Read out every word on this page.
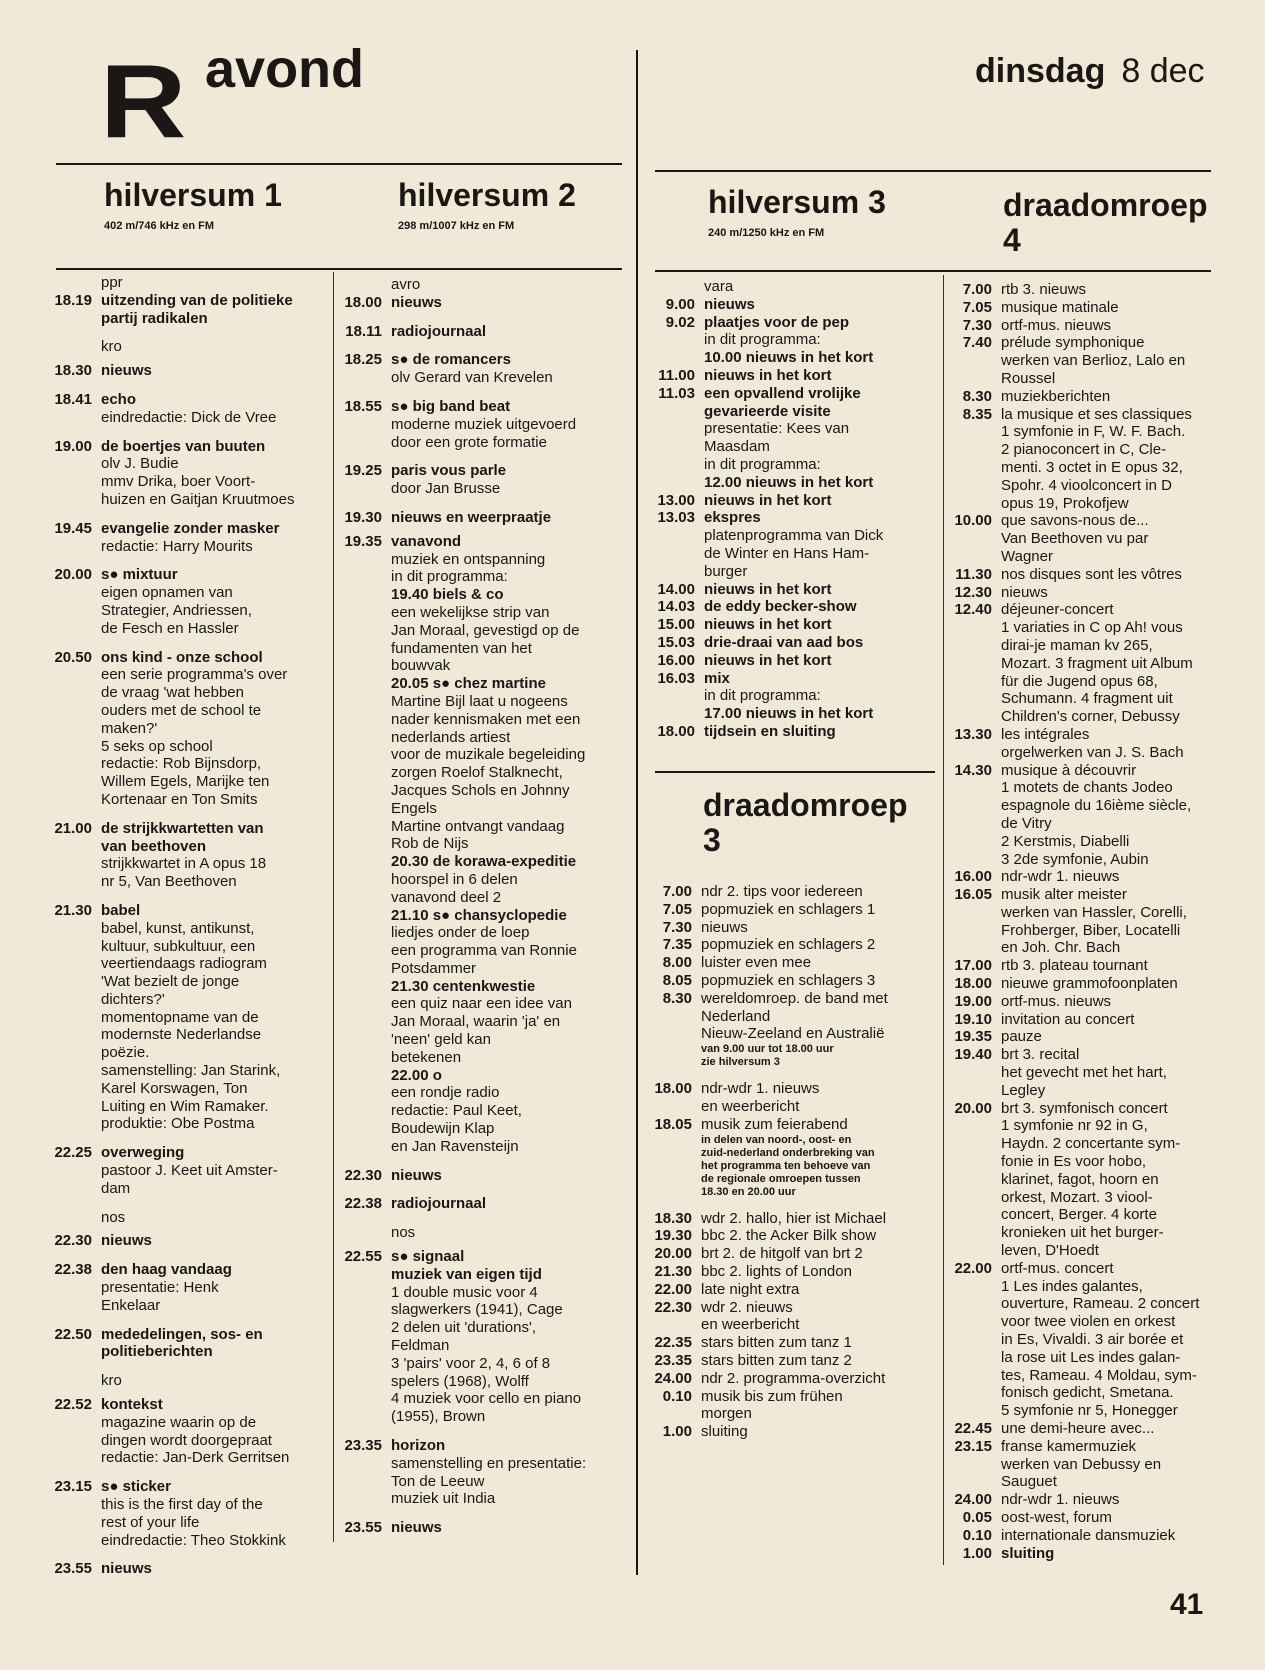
R avond	dinsdag 8 dec
hilversum 1
402 m/746 kHz en FM
hilversum 2
298 m/1007 kHz en FM
hilversum 3
240 m/1250 kHz en FM
draadomroep
4
draadomroep
3
ppr
18.19 uitzending van de politieke
partij radikalen
kro
18.30 nieuws
18.41 echo
eindredactie: Dick de Vree
19.00 de boertjes van buuten
olv J. Budie
mmv Drika, boer Voort-
huizen en Gaitjan Kruutmoes
19.45 evangelie zonder masker
redactie: Harry Mourits
20.00 s● mixtuur
eigen opnamen van
Strategier, Andriessen,
de Fesch en Hassler
20.50 ons kind - onze school
een serie programma's over
de vraag 'wat hebben
ouders met de school te
maken?'
5 seks op school
redactie: Rob Bijnsdorp,
Willem Egels, Marijke ten
Kortenaar en Ton Smits
21.00 de strijkkwartetten van
van beethoven
strijkkwartet in A opus 18
nr 5, Van Beethoven
21.30 babel
babel, kunst, antikunst,
kultuur, subkultuur, een
veertiendaags radiogram
'Wat bezielt de jonge
dichters?'
momentopname van de
modernste Nederlandse
poëzie.
samenstelling: Jan Starink,
Karel Korswagen, Ton
Luiting en Wim Ramaker.
produktie: Obe Postma
22.25 overweging
pastoor J. Keet uit Amster-
dam
nos
22.30 nieuws
22.38 den haag vandaag
presentatie: Henk
Enkelaar
22.50 mededelingen, sos- en
politieberichten
kro
22.52 kontekst
magazine waarin op de
dingen wordt doorgepraat
redactie: Jan-Derk Gerritsen
23.15 s● sticker
this is the first day of the
rest of your life
eindredactie: Theo Stokkink
23.55 nieuws
avro
18.00 nieuws
18.11 radiojournaal
18.25 s● de romancers
olv Gerard van Krevelen
18.55 s● big band beat
moderne muziek uitgevoerd
door een grote formatie
19.25 paris vous parle
door Jan Brusse
19.30 nieuws en weerpraatje
19.35 vanavond
muziek en ontspanning
in dit programma:
19.40 biels & co
een wekelijkse strip van
Jan Moraal, gevestigd op de
fundamenten van het
bouwvak
20.05 s● chez martine
Martine Bijl laat u nogeens
nader kennismaken met een
nederlands artiest
voor de muzikale begeleiding
zorgen Roelof Stalknecht,
Jacques Schols en Johnny
Engels
Martine ontvangt vandaag
Rob de Nijs
20.30 de korawa-expeditie
hoorspel in 6 delen
vanavond deel 2
21.10 s● chansyclopedie
liedjes onder de loep
een programma van Ronnie
Potsdammer
21.30 centenkwestie
een quiz naar een idee van
Jan Moraal, waarin 'ja' en
'neen' geld kan
betekenen
22.00 o
een rondje radio
redactie: Paul Keet,
Boudewijn Klap
en Jan Ravensteijn
22.30 nieuws
22.38 radiojournaal
nos
22.55 s● signaal
muziek van eigen tijd
1 double music voor 4
slagwerkers (1941), Cage
2 delen uit 'durations',
Feldman
3 'pairs' voor 2, 4, 6 of 8
spelers (1968), Wolff
4 muziek voor cello en piano
(1955), Brown
23.35 horizon
samenstelling en presentatie:
Ton de Leeuw
muziek uit India
23.55 nieuws
vara
9.00 nieuws
9.02 plaatjes voor de pep
in dit programma:
10.00 nieuws in het kort
11.00 nieuws in het kort
11.03 een opvallend vrolijke
gevarieerde visite
presentatie: Kees van
Maasdam
in dit programma:
12.00 nieuws in het kort
13.00 nieuws in het kort
13.03 ekspres
platenprogramma van Dick
de Winter en Hans Ham-
burger
14.00 nieuws in het kort
14.03 de eddy becker-show
15.00 nieuws in het kort
15.03 drie-draai van aad bos
16.00 nieuws in het kort
16.03 mix
in dit programma:
17.00 nieuws in het kort
18.00 tijdsein en sluiting
7.00 rtb 3. nieuws
7.05 musique matinale
7.30 ortf-mus. nieuws
7.40 prélude symphonique
werken van Berlioz, Lalo en
Roussel
8.30 muziekberichten
8.35 la musique et ses classiques
1 symfonie in F, W. F. Bach.
2 pianoconcert in C, Cle-
menti. 3 octet in E opus 32,
Spohr. 4 vioolconcert in D
opus 19, Prokofjew
10.00 que savons-nous de...
Van Beethoven vu par
Wagner
11.30 nos disques sont les vôtres
12.30 nieuws
12.40 déjeuner-concert
1 variaties in C op Ah! vous
dirai-je maman kv 265,
Mozart. 3 fragment uit Album
für die Jugend opus 68,
Schumann. 4 fragment uit
Children's corner, Debussy
13.30 les intégrales
orgelwerken van J. S. Bach
14.30 musique à découvrir
1 motets de chants Jodeo
espagnole du 16ième siècle,
de Vitry
2 Kerstmis, Diabelli
3 2de symfonie, Aubin
16.00 ndr-wdr 1. nieuws
16.05 musik alter meister
werken van Hassler, Corelli,
Frohberger, Biber, Locatelli
en Joh. Chr. Bach
17.00 rtb 3. plateau tournant
18.00 nieuwe grammofoonplaten
19.00 ortf-mus. nieuws
19.10 invitation au concert
19.35 pauze
19.40 brt 3. recital
het gevecht met het hart,
Legley
20.00 brt 3. symfonisch concert
1 symfonie nr 92 in G,
Haydn. 2 concertante sym-
fonie in Es voor hobo,
klarinet, fagot, hoorn en
orkest, Mozart. 3 viool-
concert, Berger. 4 korte
kronieken uit het burger-
leven, D'Hoedt
22.00 ortf-mus. concert
1 Les indes galantes,
ouverture, Rameau. 2 concert
voor twee violen en orkest
in Es, Vivaldi. 3 air borée et
la rose uit Les indes galan-
tes, Rameau. 4 Moldau, sym-
fonisch gedicht, Smetana.
5 symfonie nr 5, Honegger
22.45 une demi-heure avec...
23.15 franse kamermuziek
werken van Debussy en
Sauguet
24.00 ndr-wdr 1. nieuws
0.05 oost-west, forum
0.10 internationale dansmuziek
1.00 sluiting
7.00 ndr 2. tips voor iedereen
7.05 popmuziek en schlagers 1
7.30 nieuws
7.35 popmuziek en schlagers 2
8.00 luister even mee
8.05 popmuziek en schlagers 3
8.30 wereldomroep. de band met
Nederland
Nieuw-Zeeland en Australië
van 9.00 uur tot 18.00 uur
zie hilversum 3
18.00 ndr-wdr 1. nieuws
en weerbericht
18.05 musik zum feierabend
in delen van noord-, oost- en
zuid-nederland onderbreking van
het programma ten behoeve van
de regionale omroepen tussen
18.30 en 20.00 uur
18.30 wdr 2. hallo, hier ist Michael
19.30 bbc 2. the Acker Bilk show
20.00 brt 2. de hitgolf van brt 2
21.30 bbc 2. lights of London
22.00 late night extra
22.30 wdr 2. nieuws
en weerbericht
22.35 stars bitten zum tanz 1
23.35 stars bitten zum tanz 2
24.00 ndr 2. programma-overzicht
0.10 musik bis zum frühen
morgen
1.00 sluiting
41
